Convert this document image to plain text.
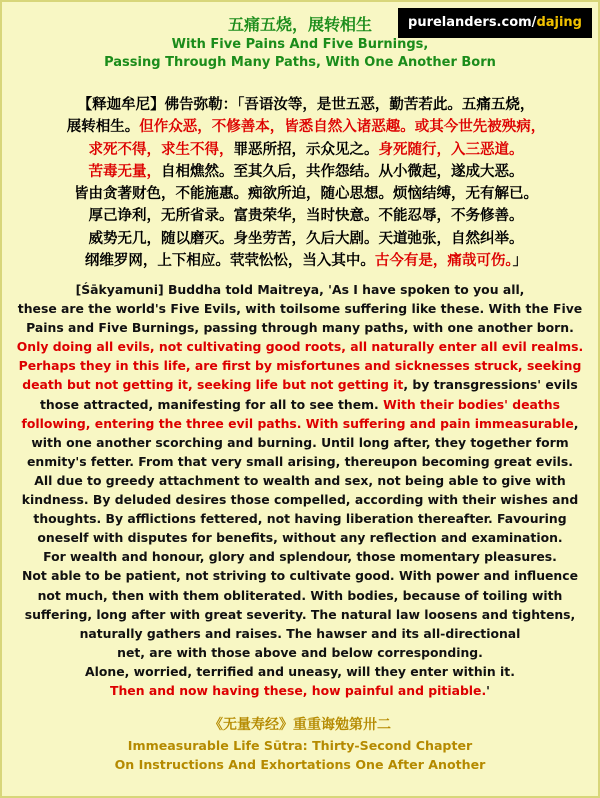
purelanders.com/dajing
五痛五烧，展转相生
With Five Pains And Five Burnings,
Passing Through Many Paths, With One Another Born
【释迦牟尼】佛告弥勒：「吾语汝等，是世五恶，勤苦若此。五痛五烧，
展转相生。但作众恶，不修善本，皆悉自然入诸恶趣。或其今世先被殃病，
求死不得，求生不得，罪恶所招，示众见之。身死随行，入三恶道。
苦毒无量，自相燋然。至其久后，共作怨结。从小微起，遂成大恶。
皆由贪著财色，不能施惠。痴欲所迫，随心思想。烦恼结缚，无有解已。
厚己诤利，无所省录。富贵荣华，当时快意。不能忍辱，不务修善。
威势无几，随以磨灭。身坐劳苦，久后大剧。天道弛张，自然纠举。
纲维罗网，上下相应。茕茕忪忪，当入其中。古今有是，痛哉可伤。」
[Śākyamuni] Buddha told Maitreya, 'As I have spoken to you all,
these are the world's Five Evils, with toilsome suffering like these. With the Five
Pains and Five Burnings, passing through many paths, with one another born.
Only doing all evils, not cultivating good roots, all naturally enter all evil realms.
Perhaps they in this life, are first by misfortunes and sicknesses struck, seeking
death but not getting it, seeking life but not getting it, by transgressions' evils
those attracted, manifesting for all to see them. With their bodies' deaths
following, entering the three evil paths. With suffering and pain immeasurable,
with one another scorching and burning. Until long after, they together form
enmity's fetter. From that very small arising, thereupon becoming great evils.
All due to greedy attachment to wealth and sex, not being able to give with
kindness. By deluded desires those compelled, according with their wishes and
thoughts. By afflictions fettered, not having liberation thereafter. Favouring
oneself with disputes for benefits, without any reflection and examination.
For wealth and honour, glory and splendour, those momentary pleasures.
Not able to be patient, not striving to cultivate good. With power and influence
not much, then with them obliterated. With bodies, because of toiling with
suffering, long after with great severity. The natural law loosens and tightens,
naturally gathers and raises. The hawser and its all-directional
net, are with those above and below corresponding.
Alone, worried, terrified and uneasy, will they enter within it.
Then and now having these, how painful and pitiable.'
《无量寿经》重重诲勉第卅二
Immeasurable Life Sūtra: Thirty-Second Chapter
On Instructions And Exhortations One After Another
